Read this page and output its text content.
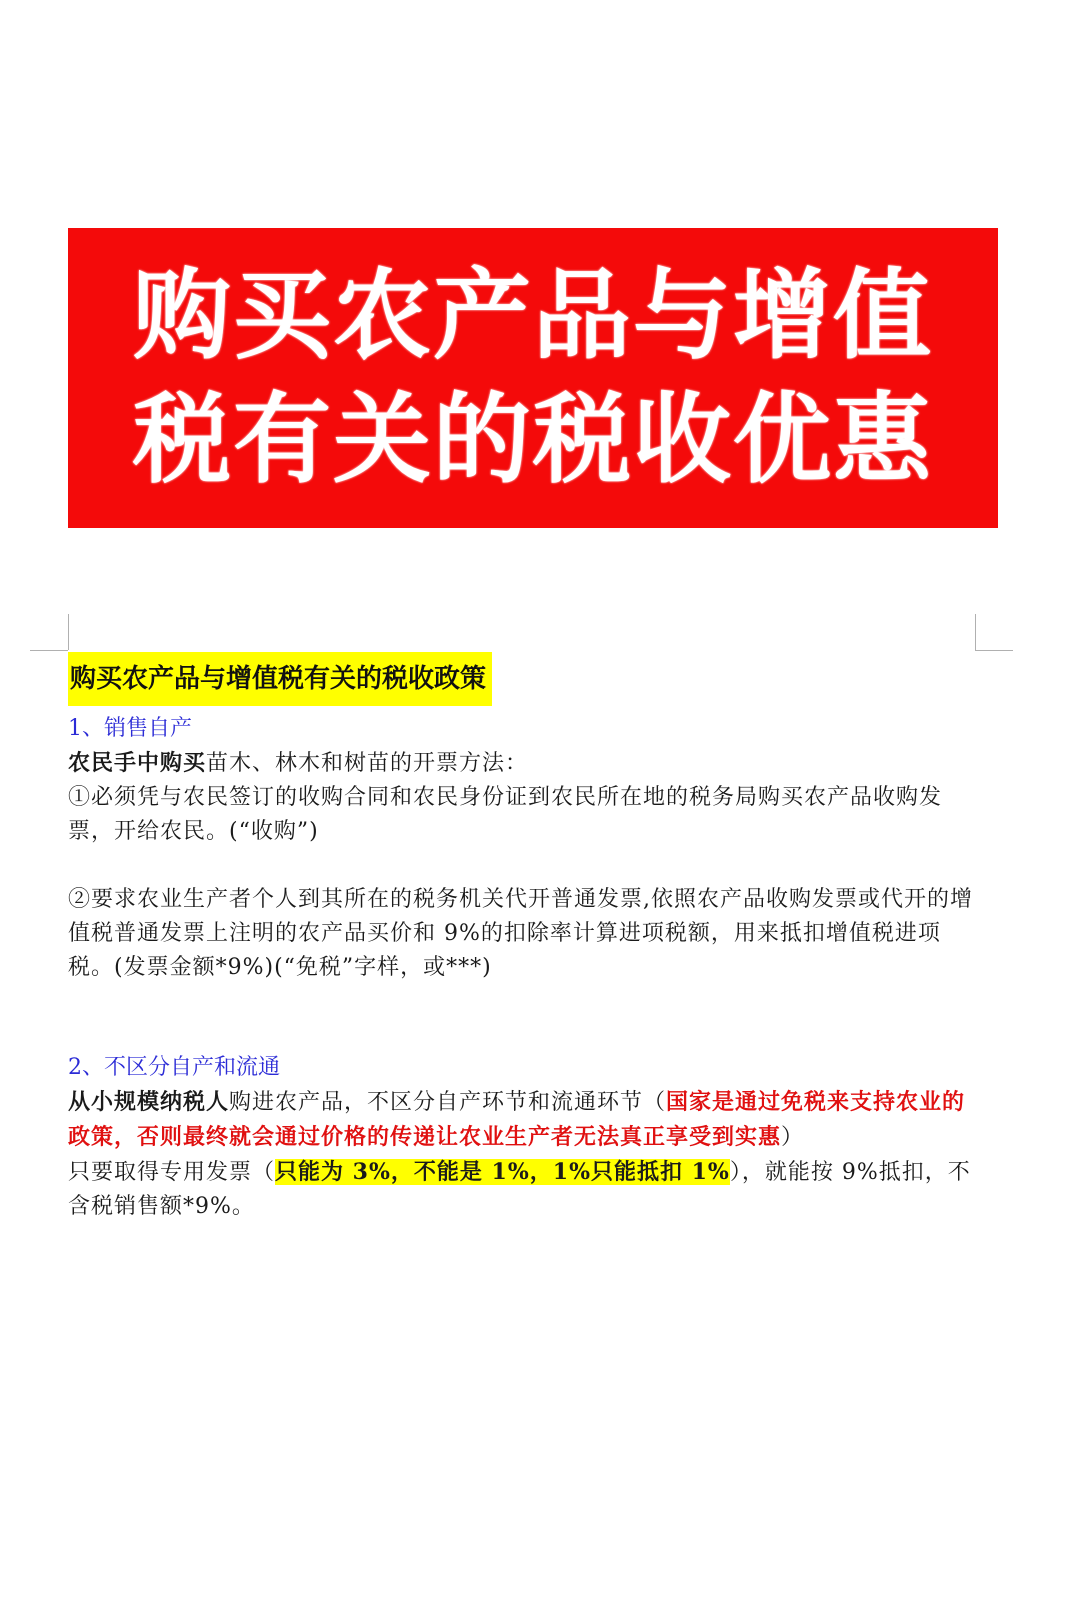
购买农产品与增值税有关的税收优惠
购买农产品与增值税有关的税收政策
1、销售自产

农民手中购买苗木、林木和树苗的开票方法：

①必须凭与农民签订的收购合同和农民身份证到农民所在地的税务局购买农产品收购发票，开给农民。(“收购”)

②要求农业生产者个人到其所在的税务机关代开普通发票,依照农产品收购发票或代开的增值税普通发票上注明的农产品买价和 9%的扣除率计算进项税额，用来抵扣增值税进项税。(发票金额*9%)(“免税”字样，或***)

2、不区分自产和流通

从小规模纳税人购进农产品，不区分自产环节和流通环节（国家是通过免税来支持农业的政策，否则最终就会通过价格的传递让农业生产者无法真正享受到实惠）

只要取得专用发票（只能为 3%，不能是 1%，1%只能抵扣 1%），就能按 9%抵扣，不含税销售额*9%。
